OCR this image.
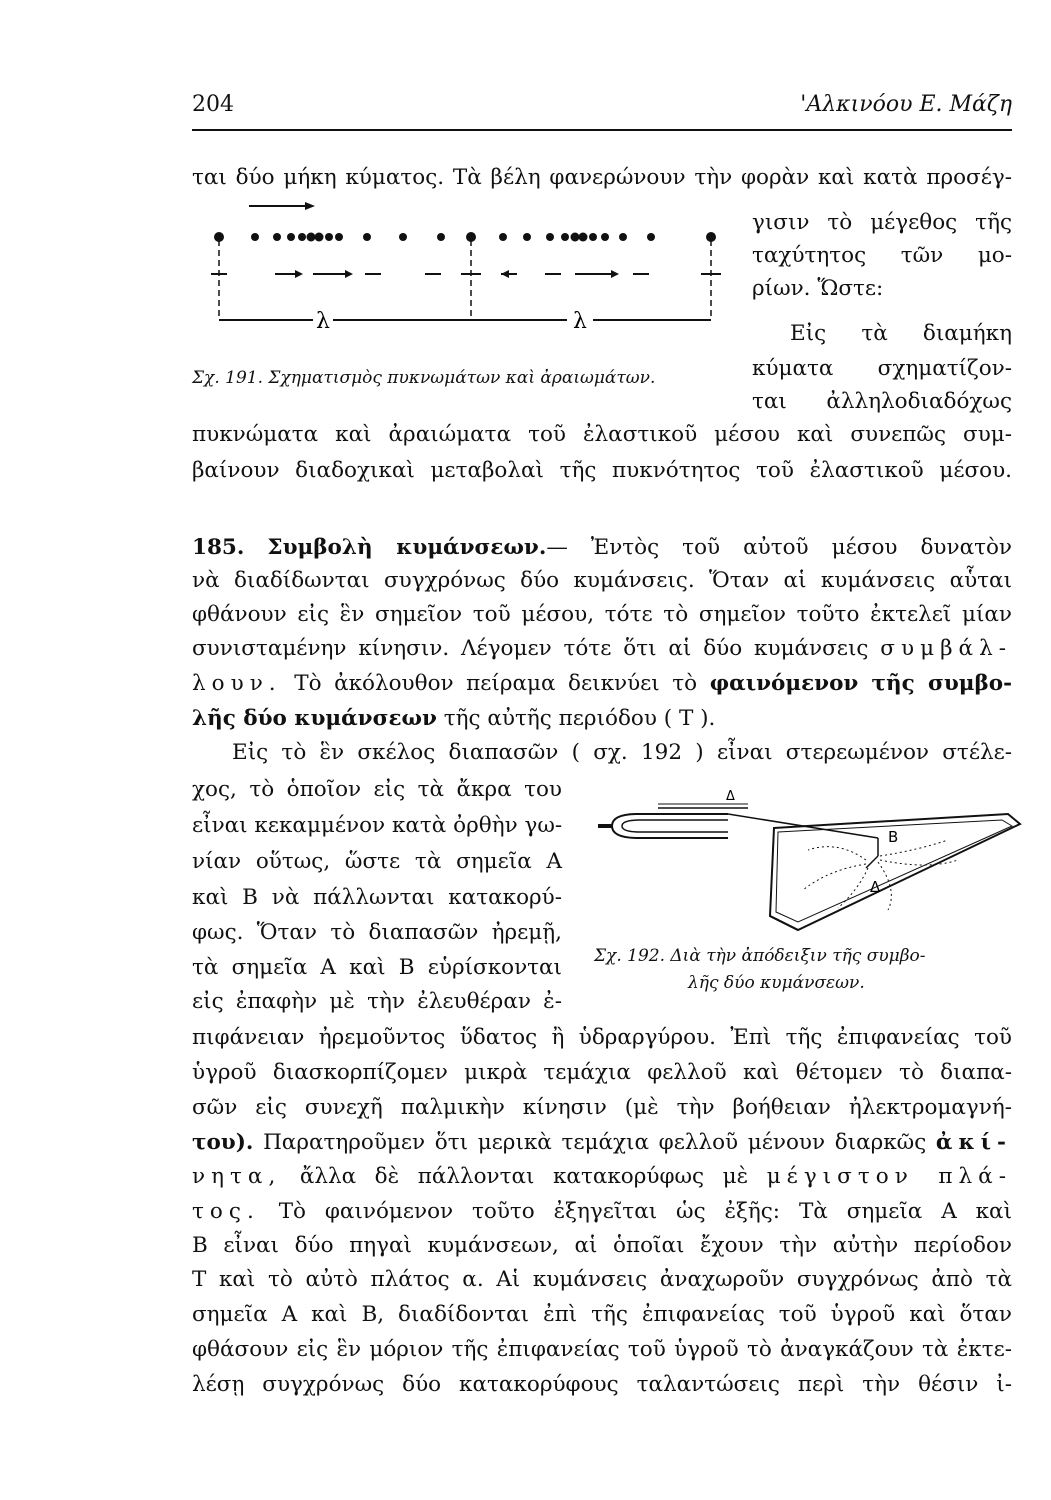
204	'Αλκινόου Ε. Μάζη
ται δύο μήκη κύματος. Τὰ βέλη φανερώνουν τὴν φορὰν καὶ κατὰ προσέγ-
γισιν τὸ μέγεθος τῆς
ταχύτητος τῶν μο-
ρίων. Ὥστε:
Εἰς τὰ διαμήκη
κύματα σχηματίζον-
ται ἀλληλοδιαδόχως
πυκνώματα καὶ ἀραιώματα τοῦ ἐλαστικοῦ μέσου καὶ συνεπῶς συμ-
βαίνουν διαδοχικαὶ μεταβολαὶ τῆς πυκνότητος τοῦ ἐλαστικοῦ μέσου.
λ	λ
Σχ. 191. Σχηματισμὸς πυκνωμάτων καὶ ἀραιωμάτων.
185. Συμβολὴ κυμάνσεων.— Ἐντὸς τοῦ αὐτοῦ μέσου δυνατὸν
νὰ διαδίδωνται συγχρόνως δύο κυμάνσεις. Ὅταν αἱ κυμάνσεις αὗται
φθάνουν εἰς ἓν σημεῖον τοῦ μέσου, τότε τὸ σημεῖον τοῦτο ἐκτελεῖ μίαν
συνισταμένην κίνησιν. Λέγομεν τότε ὅτι αἱ δύο κυμάνσεις συμβάλ-
λουν. Τὸ ἀκόλουθον πείραμα δεικνύει τὸ φαινόμενον τῆς συμβο-
λῆς δύο κυμάνσεων τῆς αὐτῆς περιόδου ( Τ ).
Εἰς τὸ ἓν σκέλος διαπασῶν ( σχ. 192 ) εἶναι στερεωμένον στέλε-
χος, τὸ ὁποῖον εἰς τὰ ἄκρα του
εἶναι κεκαμμένον κατὰ ὀρθὴν γω-
νίαν οὕτως, ὥστε τὰ σημεῖα Α
καὶ Β νὰ πάλλωνται κατακορύ-
φως. Ὅταν τὸ διαπασῶν ἠρεμῇ,
τὰ σημεῖα Α καὶ Β εὑρίσκονται
εἰς ἐπαφὴν μὲ τὴν ἐλευθέραν ἐ-
Δ
B
Δ
Σχ. 192. Διὰ τὴν ἀπόδειξιν τῆς συμβο-
λῆς δύο κυμάνσεων.
πιφάνειαν ἠρεμοῦντος ὕδατος ἢ ὑδραργύρου. Ἐπὶ τῆς ἐπιφανείας τοῦ
ὑγροῦ διασκορπίζομεν μικρὰ τεμάχια φελλοῦ καὶ θέτομεν τὸ διαπα-
σῶν εἰς συνεχῆ παλμικὴν κίνησιν (μὲ τὴν βοήθειαν ἠλεκτρομαγνή-
του). Παρατηροῦμεν ὅτι μερικὰ τεμάχια φελλοῦ μένουν διαρκῶς ἀκί-
νητα, ἄλλα δὲ πάλλονται κατακορύφως μὲ μέγιστον πλά-
τος. Τὸ φαινόμενον τοῦτο ἐξηγεῖται ὡς ἐξῆς: Τὰ σημεῖα Α καὶ
Β εἶναι δύο πηγαὶ κυμάνσεων, αἱ ὁποῖαι ἔχουν τὴν αὐτὴν περίοδον
Τ καὶ τὸ αὐτὸ πλάτος α. Αἱ κυμάνσεις ἀναχωροῦν συγχρόνως ἀπὸ τὰ
σημεῖα Α καὶ Β, διαδίδονται ἐπὶ τῆς ἐπιφανείας τοῦ ὑγροῦ καὶ ὅταν
φθάσουν εἰς ἓν μόριον τῆς ἐπιφανείας τοῦ ὑγροῦ τὸ ἀναγκάζουν τὰ ἐκτε-
λέσῃ συγχρόνως δύο κατακορύφους ταλαντώσεις περὶ τὴν θέσιν ἰ-
